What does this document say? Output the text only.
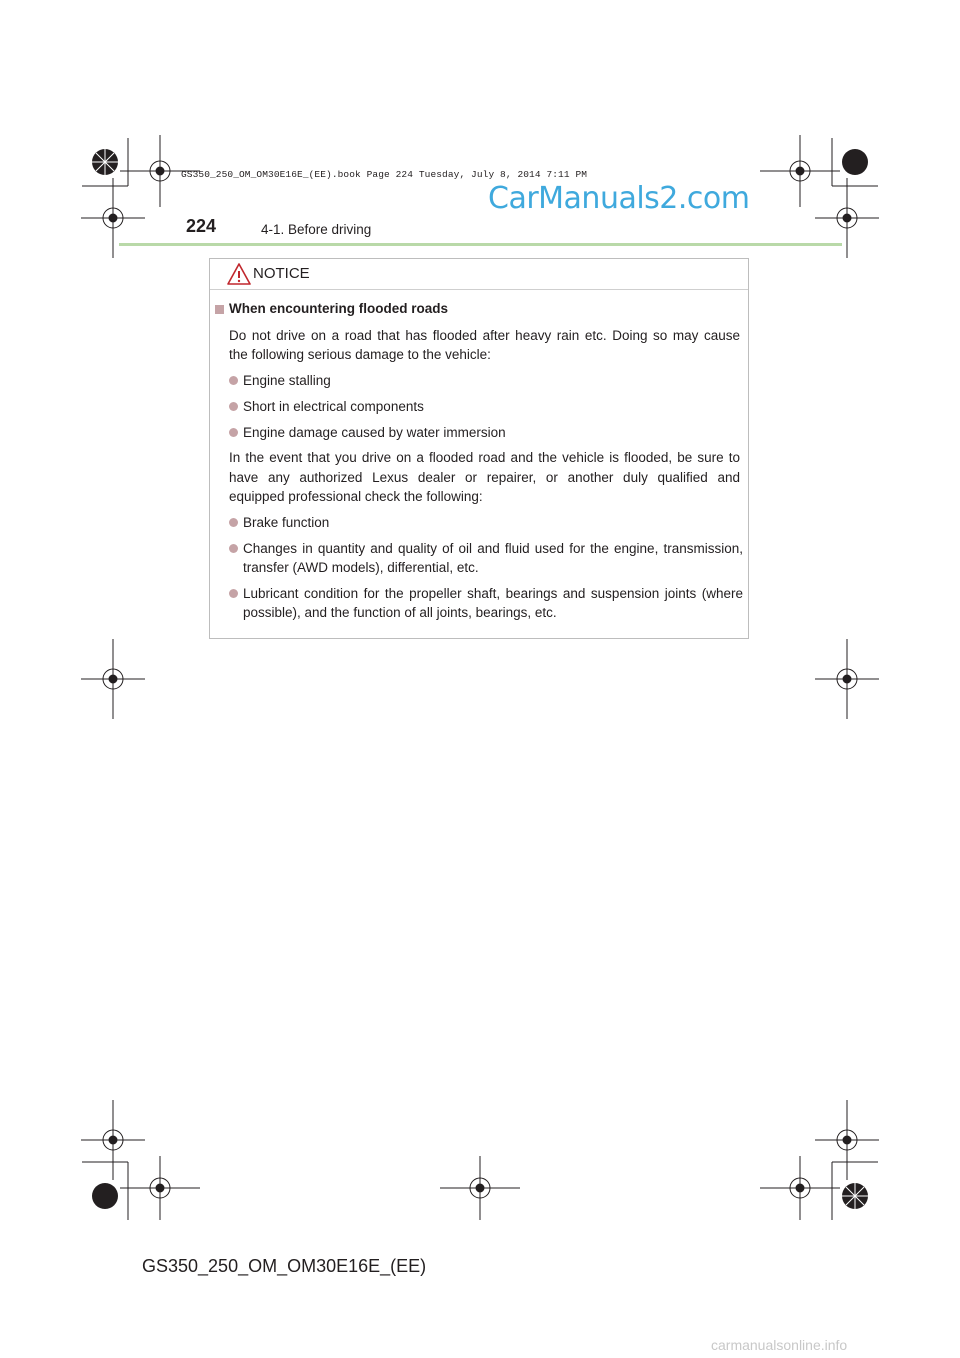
GS350_250_OM_OM30E16E_(EE).book Page 224 Tuesday, July 8, 2014 7:11 PM
CarManuals2.com
224	4-1. Before driving
NOTICE
When encountering flooded roads
Do not drive on a road that has flooded after heavy rain etc. Doing so may cause
the following serious damage to the vehicle:
Engine stalling
Short in electrical components
Engine damage caused by water immersion
In the event that you drive on a flooded road and the vehicle is flooded, be sure to
have any authorized Lexus dealer or repairer, or another duly qualified and
equipped professional check the following:
Brake function
Changes in quantity and quality of oil and fluid used for the engine, transmission,
transfer (AWD models), differential, etc.
Lubricant condition for the propeller shaft, bearings and suspension joints (where
possible), and the function of all joints, bearings, etc.
GS350_250_OM_OM30E16E_(EE)
carmanualsonline.info
